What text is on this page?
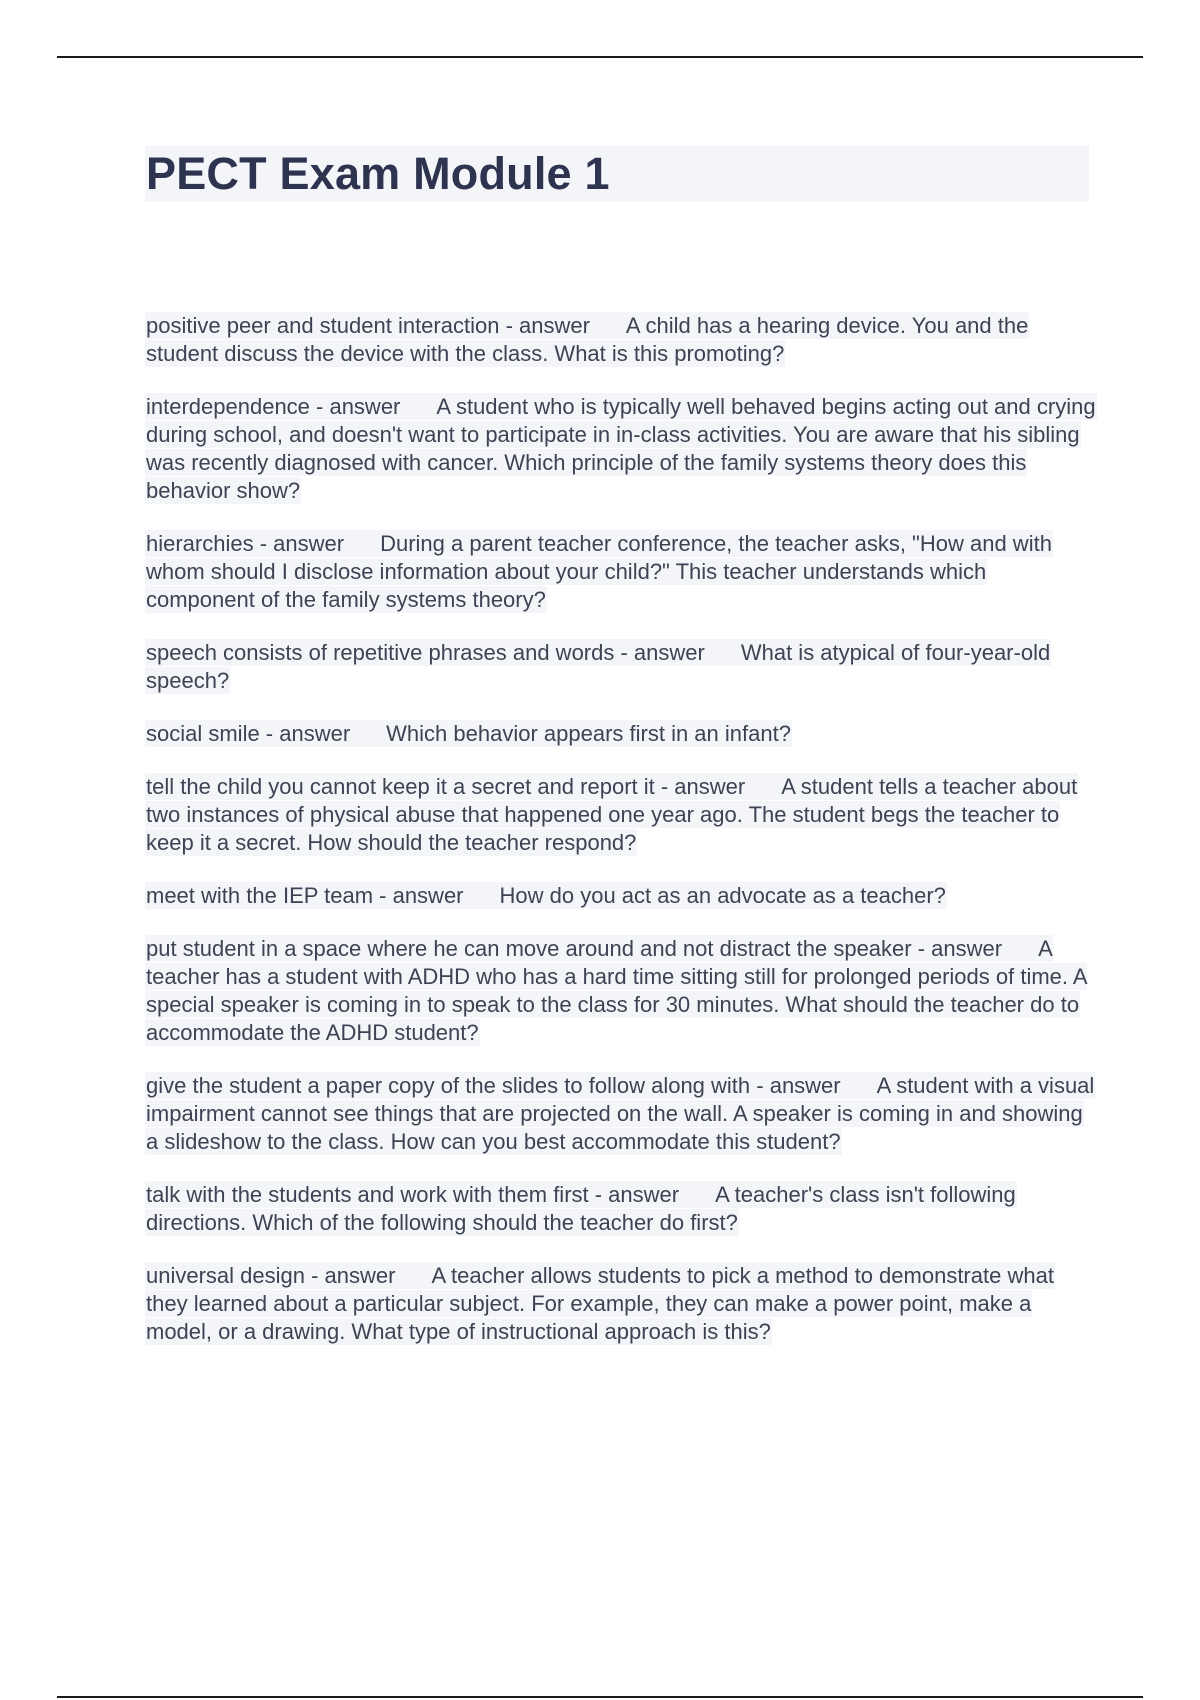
PECT Exam Module 1

positive peer and student interaction - answer A child has a hearing device. You and the student discuss the device with the class. What is this promoting?

interdependence - answer A student who is typically well behaved begins acting out and crying during school, and doesn't want to participate in in-class activities. You are aware that his sibling was recently diagnosed with cancer. Which principle of the family systems theory does this behavior show?

hierarchies - answer During a parent teacher conference, the teacher asks, "How and with whom should I disclose information about your child?" This teacher understands which component of the family systems theory?

speech consists of repetitive phrases and words - answer What is atypical of four-year-old speech?

social smile - answer Which behavior appears first in an infant?

tell the child you cannot keep it a secret and report it - answer A student tells a teacher about two instances of physical abuse that happened one year ago. The student begs the teacher to keep it a secret. How should the teacher respond?

meet with the IEP team - answer How do you act as an advocate as a teacher?

put student in a space where he can move around and not distract the speaker - answer A teacher has a student with ADHD who has a hard time sitting still for prolonged periods of time. A special speaker is coming in to speak to the class for 30 minutes. What should the teacher do to accommodate the ADHD student?

give the student a paper copy of the slides to follow along with - answer A student with a visual impairment cannot see things that are projected on the wall. A speaker is coming in and showing a slideshow to the class. How can you best accommodate this student?

talk with the students and work with them first - answer A teacher's class isn't following directions. Which of the following should the teacher do first?

universal design - answer A teacher allows students to pick a method to demonstrate what they learned about a particular subject. For example, they can make a power point, make a model, or a drawing. What type of instructional approach is this?
